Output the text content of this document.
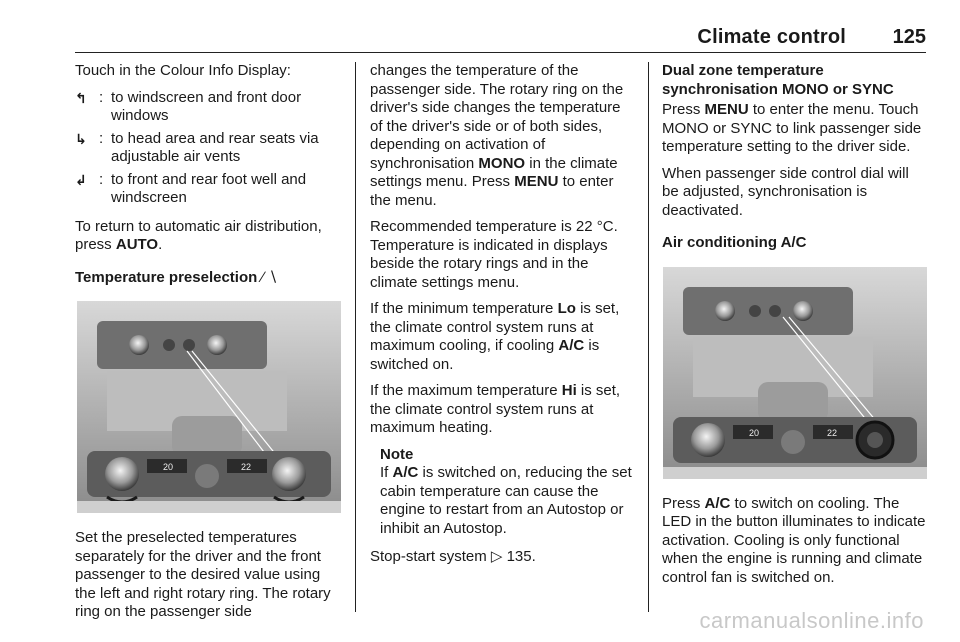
Climate control 125

Touch in the Colour Info Display:

↰ : to windscreen and front door windows
↳ : to head area and rear seats via adjustable air vents
↲ : to front and rear foot well and windscreen

To return to automatic air distribution, press AUTO.

Temperature preselection ∕ ∖
20	22

Set the preselected temperatures separately for the driver and the front passenger to the desired value using the left and right rotary ring. The rotary ring on the passenger side

changes the temperature of the passenger side. The rotary ring on the driver's side changes the temperature of the driver's side or of both sides, depending on activation of synchronisation MONO in the climate settings menu. Press MENU to enter the menu.

Recommended temperature is 22 °C. Temperature is indicated in displays beside the rotary rings and in the climate settings menu.

If the minimum temperature Lo is set, the climate control system runs at maximum cooling, if cooling A/C is switched on.

If the maximum temperature Hi is set, the climate control system runs at maximum heating.

Note
If A/C is switched on, reducing the set cabin temperature can cause the engine to restart from an Autostop or inhibit an Autostop.

Stop-start system ▷ 135.

Dual zone temperature synchronisation MONO or SYNC

Press MENU to enter the menu. Touch MONO or SYNC to link passenger side temperature setting to the driver side.

When passenger side control dial will be adjusted, synchronisation is deactivated.

Air conditioning A/C
20	22

Press A/C to switch on cooling. The LED in the button illuminates to indicate activation. Cooling is only functional when the engine is running and climate control fan is switched on.

carmanualsonline.info
